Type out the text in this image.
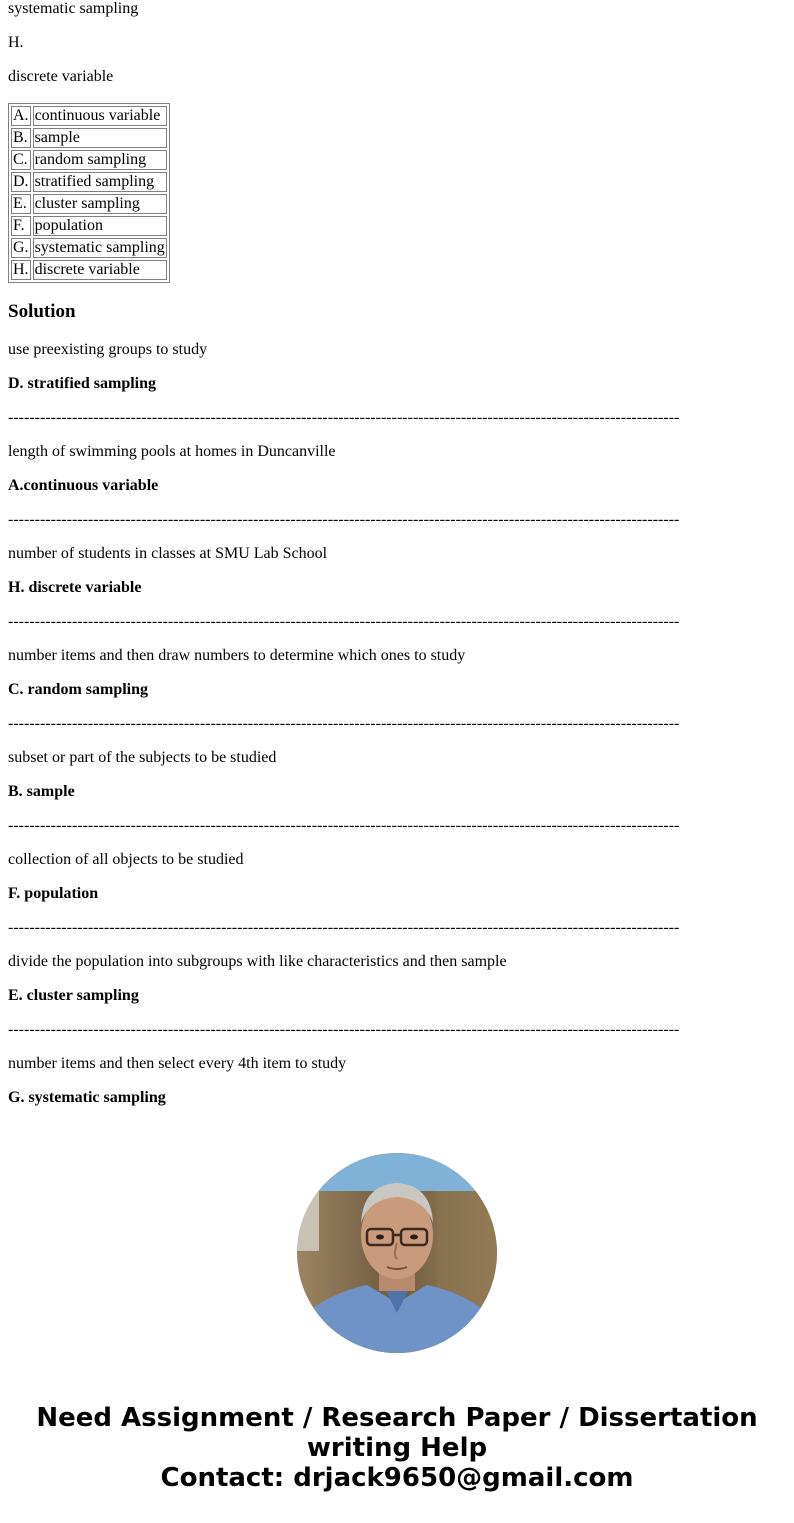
systematic sampling

H.

discrete variable

A.	continuous variable
B.	sample
C.	random sampling
D.	stratified sampling
E.	cluster sampling
F.	population
G.	systematic sampling
H.	discrete variable
Solution

use preexisting groups to study

D. stratified sampling

------------------------------------------------------------------------------------------------------------------------------

length of swimming pools at homes in Duncanville

A.continuous variable

------------------------------------------------------------------------------------------------------------------------------

number of students in classes at SMU Lab School

H. discrete variable

------------------------------------------------------------------------------------------------------------------------------

number items and then draw numbers to determine which ones to study

C. random sampling

------------------------------------------------------------------------------------------------------------------------------

subset or part of the subjects to be studied

B. sample

------------------------------------------------------------------------------------------------------------------------------

collection of all objects to be studied

F. population

------------------------------------------------------------------------------------------------------------------------------

divide the population into subgroups with like characteristics and then sample

E. cluster sampling

------------------------------------------------------------------------------------------------------------------------------

number items and then select every 4th item to study

G. systematic sampling

Need Assignment / Research Paper / Dissertation
writing Help
Contact: drjack9650@gmail.com
